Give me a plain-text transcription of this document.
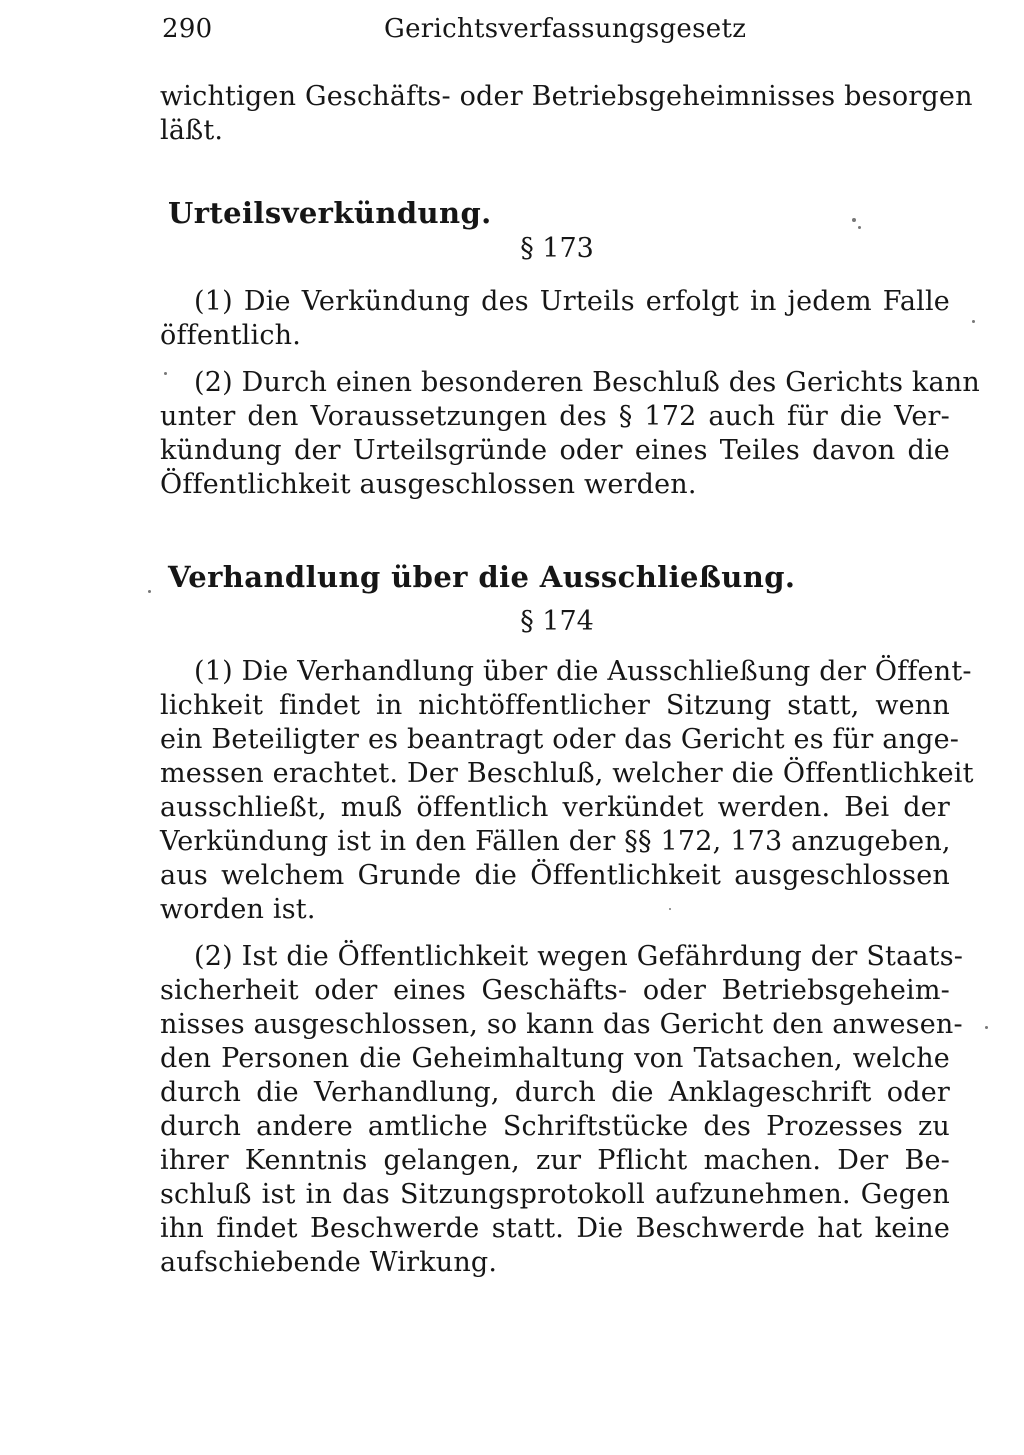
290	Gerichtsverfassungsgesetz
wichtigen Geschäfts- oder Betriebsgeheimnisses besorgen
läßt.
Urteilsverkündung.
§ 173
(1) Die Verkündung des Urteils erfolgt in jedem Falle
öffentlich.
(2) Durch einen besonderen Beschluß des Gerichts kann
unter den Voraussetzungen des § 172 auch für die Ver-
kündung der Urteilsgründe oder eines Teiles davon die
Öffentlichkeit ausgeschlossen werden.
Verhandlung über die Ausschließung.
§ 174
(1) Die Verhandlung über die Ausschließung der Öffent-
lichkeit findet in nichtöffentlicher Sitzung statt, wenn
ein Beteiligter es beantragt oder das Gericht es für ange-
messen erachtet. Der Beschluß, welcher die Öffentlichkeit
ausschließt, muß öffentlich verkündet werden. Bei der
Verkündung ist in den Fällen der §§ 172, 173 anzugeben,
aus welchem Grunde die Öffentlichkeit ausgeschlossen
worden ist.
(2) Ist die Öffentlichkeit wegen Gefährdung der Staats-
sicherheit oder eines Geschäfts- oder Betriebsgeheim-
nisses ausgeschlossen, so kann das Gericht den anwesen-
den Personen die Geheimhaltung von Tatsachen, welche
durch die Verhandlung, durch die Anklageschrift oder
durch andere amtliche Schriftstücke des Prozesses zu
ihrer Kenntnis gelangen, zur Pflicht machen. Der Be-
schluß ist in das Sitzungsprotokoll aufzunehmen. Gegen
ihn findet Beschwerde statt. Die Beschwerde hat keine
aufschiebende Wirkung.
